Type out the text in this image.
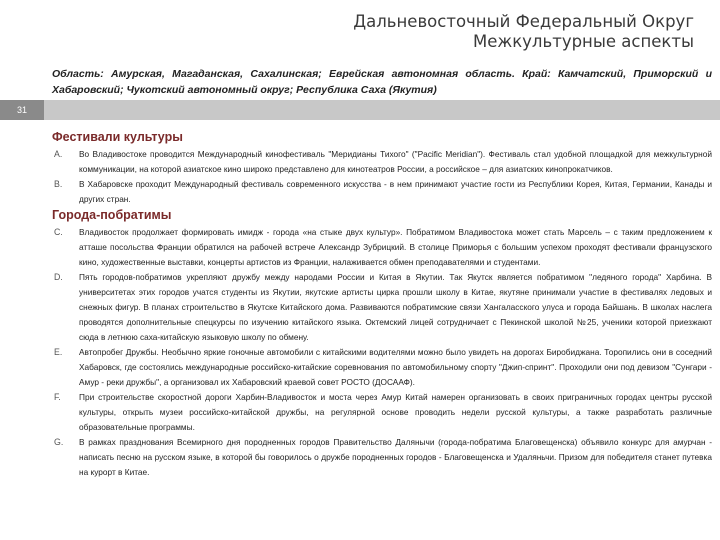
Дальневосточный Федеральный Округ
Межкультурные аспекты
Область: Амурская, Магаданская, Сахалинская; Еврейская автономная область. Край: Камчатский, Приморский и Хабаровский; Чукотский автономный округ; Республика Саха (Якутия)
31
Фестивали культуры
A.	Во Владивостоке проводится Международный кинофестиваль "Меридианы Тихого" ("Pacific Meridian"). Фестиваль стал удобной площадкой для межкультурной коммуникации, на которой азиатское кино широко представлено для кинотеатров России, а российское – для азиатских кинопрокатчиков.
B.	В Хабаровске проходит Международный фестиваль современного искусства - в нем принимают участие гости из Республики Корея, Китая, Германии, Канады и других стран.
Города-побратимы
C.	Владивосток продолжает формировать имидж - города «на стыке двух культур». Побратимом Владивостока может стать Марсель – с таким предложением к атташе посольства Франции обратился на рабочей встрече Александр Зубрицкий. В столице Приморья с большим успехом проходят фестивали французского кино, художественные выставки, концерты артистов из Франции, налаживается обмен преподавателями и студентами.
D.	Пять городов-побратимов укрепляют дружбу между народами России и Китая в Якутии. Так Якутск является побратимом "ледяного города" Харбина. В университетах этих городов учатся студенты из Якутии, якутские артисты цирка прошли школу в Китае, якутяне принимали участие в фестивалях ледовых и снежных фигур. В планах строительство в Якутске Китайского дома. Развиваются побратимские связи Хангаласского улуса и города Байшань. В школах наслега проводятся дополнительные спецкурсы по изучению китайского языка. Октемский лицей сотрудничает с Пекинской школой №25, ученики которой приезжают сюда в летнюю саха-китайскую языковую школу по обмену.
E.	Автопробег Дружбы. Необычно яркие гоночные автомобили с китайскими водителями можно было увидеть на дорогах Биробиджана. Торопились они в соседний Хабаровск, где состоялись международные российско-китайские соревнования по автомобильному спорту "Джип-спринт". Проходили они под девизом "Сунгари - Амур - реки дружбы", а организовал их Хабаровский краевой совет РОСТО (ДОСААФ).
F.	При строительстве скоростной дороги Харбин-Владивосток и моста через Амур Китай намерен организовать в своих приграничных городах центры русской культуры, открыть музеи российско-китайской дружбы, на регулярной основе проводить недели русской культуры, а также разработать различные образовательные программы.
G.	В рамках празднования Всемирного дня породненных городов Правительство Далянычи (города-побратима Благовещенска) объявило конкурс для амурчан - написать песню на русском языке, в которой бы говорилось о дружбе породненных городов - Благовещенска и Удаляньчи. Призом для победителя станет путевка на курорт в Китае.
